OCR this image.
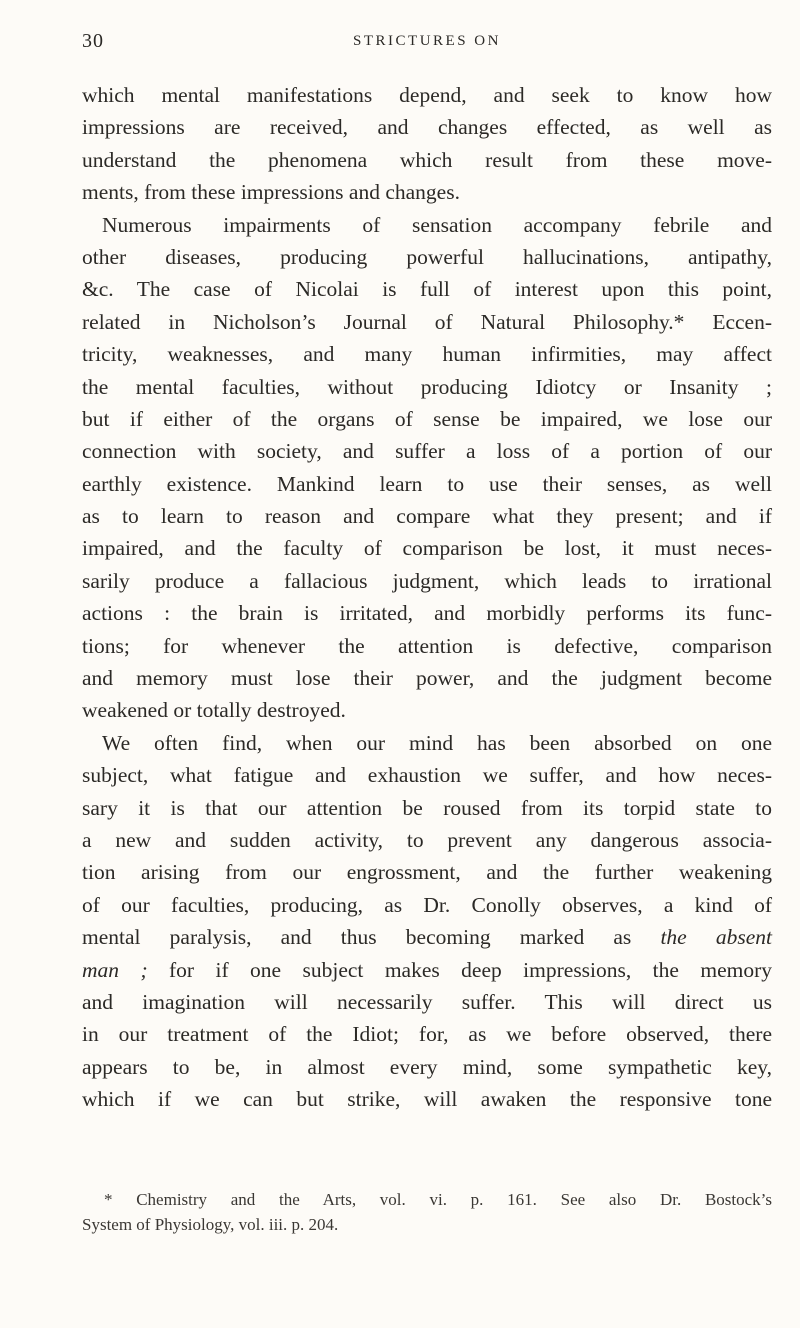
30	STRICTURES ON
which mental manifestations depend, and seek to know how
impressions are received, and changes effected, as well as
understand the phenomena which result from these move-
ments, from these impressions and changes.
Numerous impairments of sensation accompany febrile and
other diseases, producing powerful hallucinations, antipathy,
&c. The case of Nicolai is full of interest upon this point,
related in Nicholson’s Journal of Natural Philosophy.* Eccen-
tricity, weaknesses, and many human infirmities, may affect
the mental faculties, without producing Idiotcy or Insanity ;
but if either of the organs of sense be impaired, we lose our
connection with society, and suffer a loss of a portion of our
earthly existence. Mankind learn to use their senses, as well
as to learn to reason and compare what they present; and if
impaired, and the faculty of comparison be lost, it must neces-
sarily produce a fallacious judgment, which leads to irrational
actions : the brain is irritated, and morbidly performs its func-
tions; for whenever the attention is defective, comparison
and memory must lose their power, and the judgment become
weakened or totally destroyed.
We often find, when our mind has been absorbed on one
subject, what fatigue and exhaustion we suffer, and how neces-
sary it is that our attention be roused from its torpid state to
a new and sudden activity, to prevent any dangerous associa-
tion arising from our engrossment, and the further weakening
of our faculties, producing, as Dr. Conolly observes, a kind of
mental paralysis, and thus becoming marked as the absent
man ; for if one subject makes deep impressions, the memory
and imagination will necessarily suffer. This will direct us
in our treatment of the Idiot; for, as we before observed, there
appears to be, in almost every mind, some sympathetic key,
which if we can but strike, will awaken the responsive tone
* Chemistry and the Arts, vol. vi. p. 161. See also Dr. Bostock’s
System of Physiology, vol. iii. p. 204.
